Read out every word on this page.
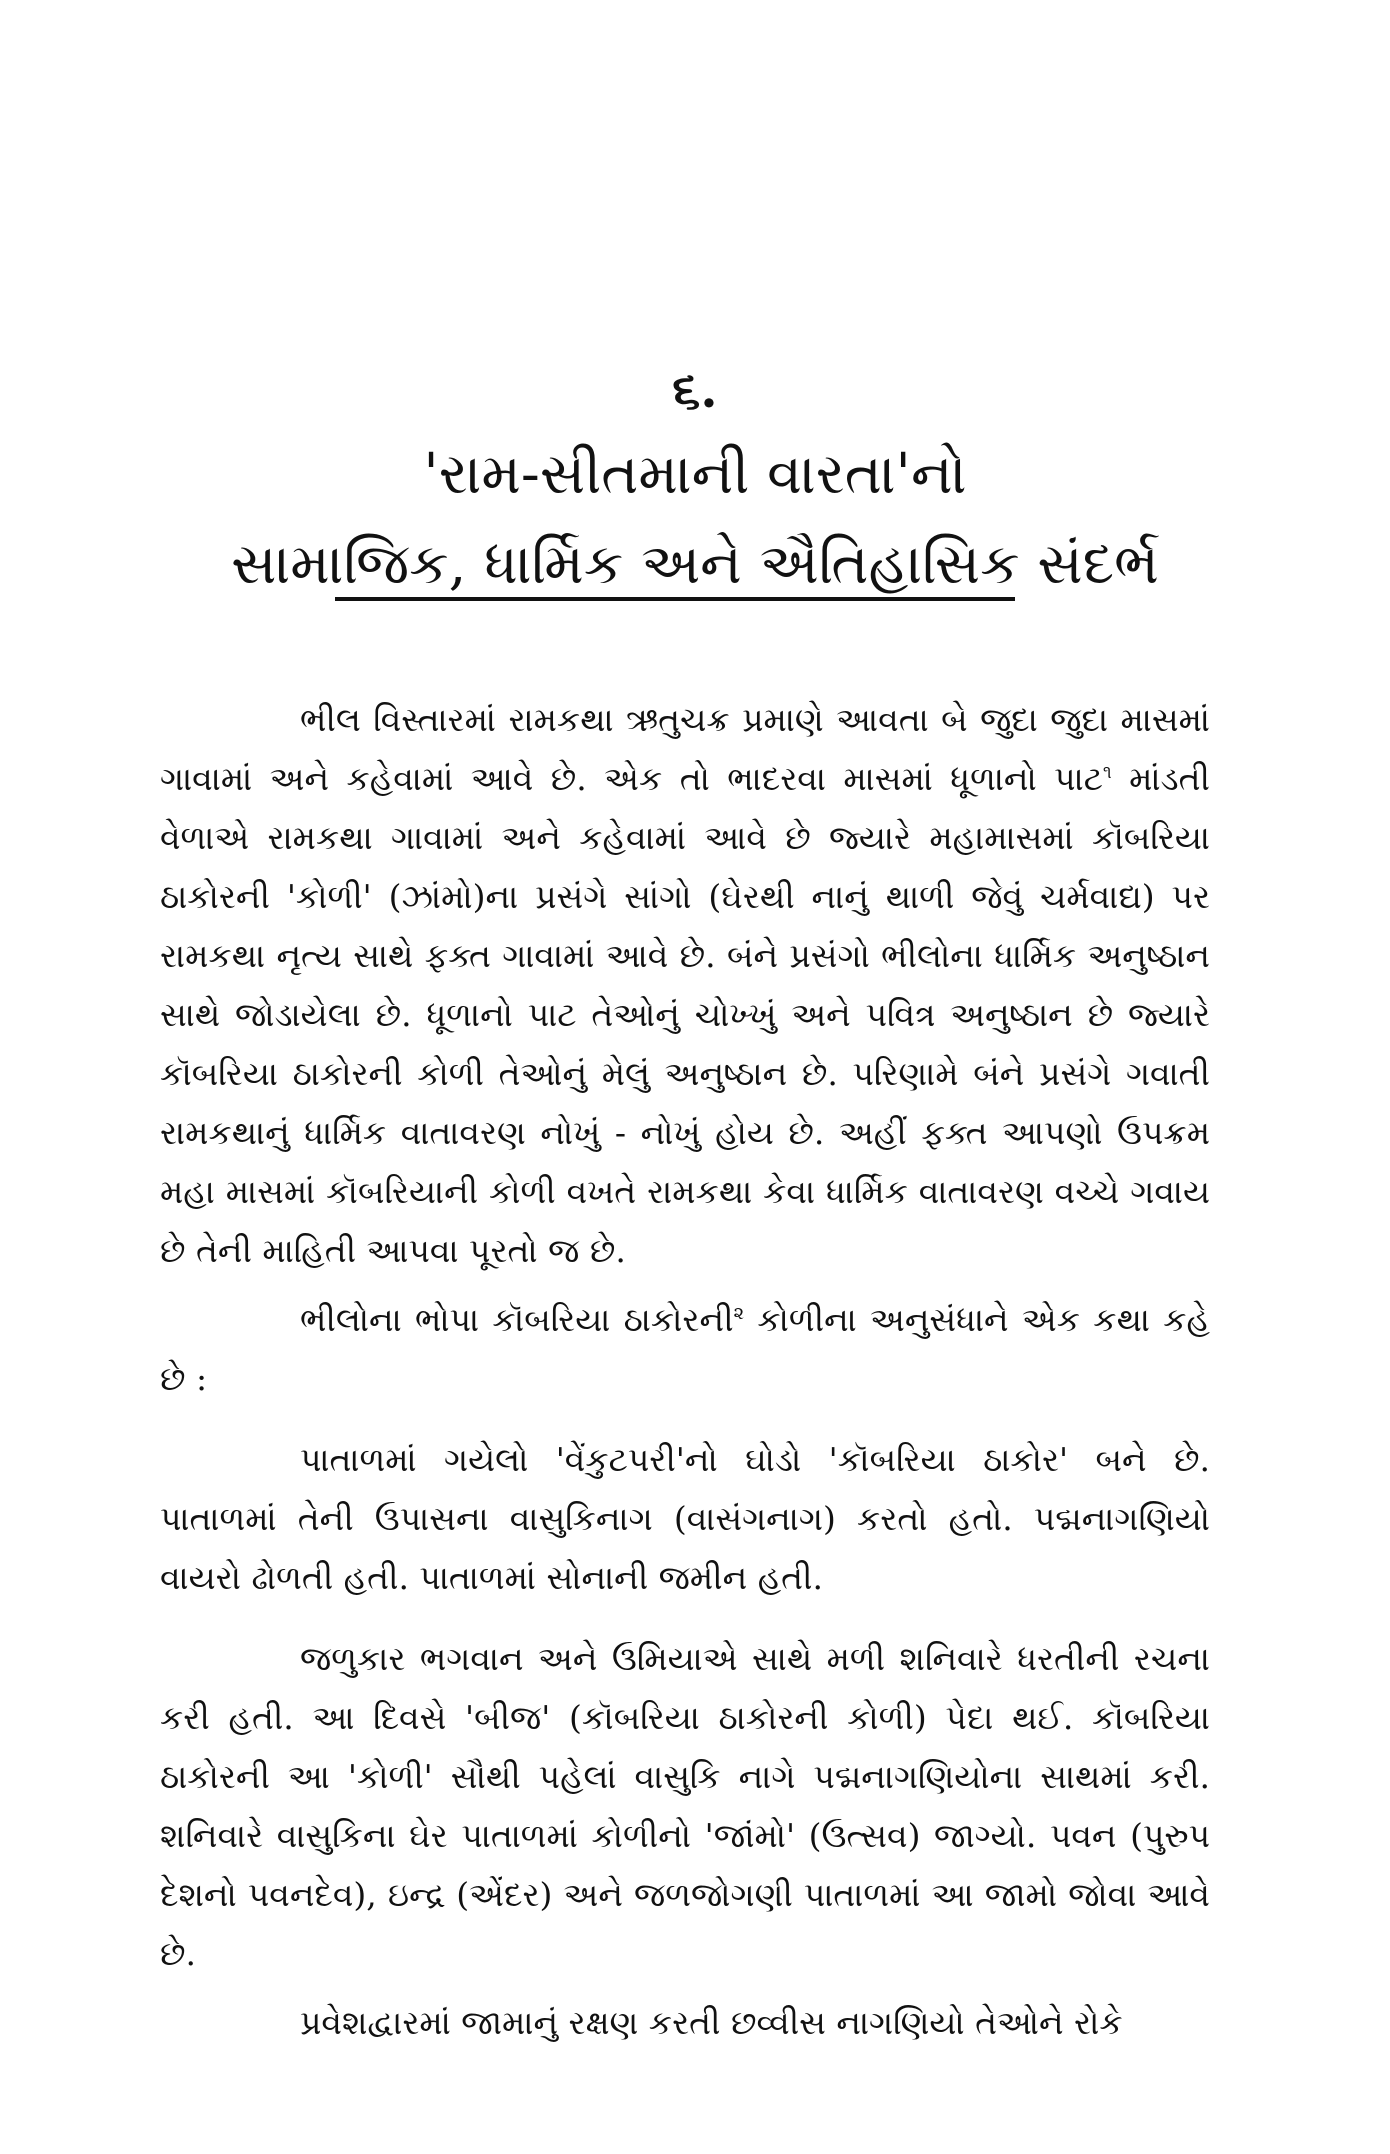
૬.
'રામ-સીતમાની વારતા'નો
સામાજિક, ધાર્મિક અને ઐતિહાસિક સંદર્ભ

ભીલ વિસ્તારમાં રામકથા ઋતુચક્ર પ્રમાણે આવતા બે જુદા જુદા માસમાં ગાવામાં અને કહેવામાં આવે છે. એક તો ભાદરવા માસમાં ધૂળાનો પાટ$^૧$ માંડતી વેળાએ રામકથા ગાવામાં અને કહેવામાં આવે છે જ્યારે મહામાસમાં કૉબરિયા ઠાકોરની 'કોળી' (ઝાંમો)ના પ્રસંગે સાંગો (ઘેરથી નાનું થાળી જેવું ચર્મવાદ્ય) પર રામકથા નૃત્ય સાથે ફક્ત ગાવામાં આવે છે. બંને પ્રસંગો ભીલોના ધાર્મિક અનુષ્ઠાન સાથે જોડાયેલા છે. ધૂળાનો પાટ તેઓનું ચોખ્ખું અને પવિત્ર અનુષ્ઠાન છે જ્યારે કૉબરિયા ઠાકોરની કોળી તેઓનું મેલું અનુષ્ઠાન છે. પરિણામે બંને પ્રસંગે ગવાતી રામકથાનું ધાર્મિક વાતાવરણ નોખું - નોખું હોય છે. અહીં ફક્ત આપણો ઉપક્રમ મહા માસમાં કૉબરિયાની કોળી વખતે રામકથા કેવા ધાર્મિક વાતાવરણ વચ્ચે ગવાય છે તેની માહિતી આપવા પૂરતો જ છે.

ભીલોના ભોપા કૉબરિયા ઠાકોરની$^૨$ કોળીના અનુસંધાને એક કથા કહે છે :

પાતાળમાં ગયેલો 'વેંકુટપરી'નો ઘોડો 'કૉબરિયા ઠાકોર' બને છે. પાતાળમાં તેની ઉપાસના વાસુકિનાગ (વાસંગનાગ) કરતો હતો. પદ્મનાગણિયો વાયરો ઢોળતી હતી. પાતાળમાં સોનાની જમીન હતી.

જળુકાર ભગવાન અને ઉમિયાએ સાથે મળી શનિવારે ધરતીની રચના કરી હતી. આ દિવસે 'બીજ' (કૉબરિયા ઠાકોરની કોળી) પેદા થઈ. કૉબરિયા ઠાકોરની આ 'કોળી' સૌથી પહેલાં વાસુકિ નાગે પદ્મનાગણિયોના સાથમાં કરી. શનિવારે વાસુકિના ઘેર પાતાળમાં કોળીનો 'જાંમો' (ઉત્સવ) જાગ્યો. પવન (પુરુપ દેશનો પવનદેવ), ઇન્દ્ર (એંદર) અને જળજોગણી પાતાળમાં આ જામો જોવા આવે છે.

પ્રવેશદ્વારમાં જામાનું રક્ષણ કરતી છવ્વીસ નાગણિયો તેઓને રોકે
